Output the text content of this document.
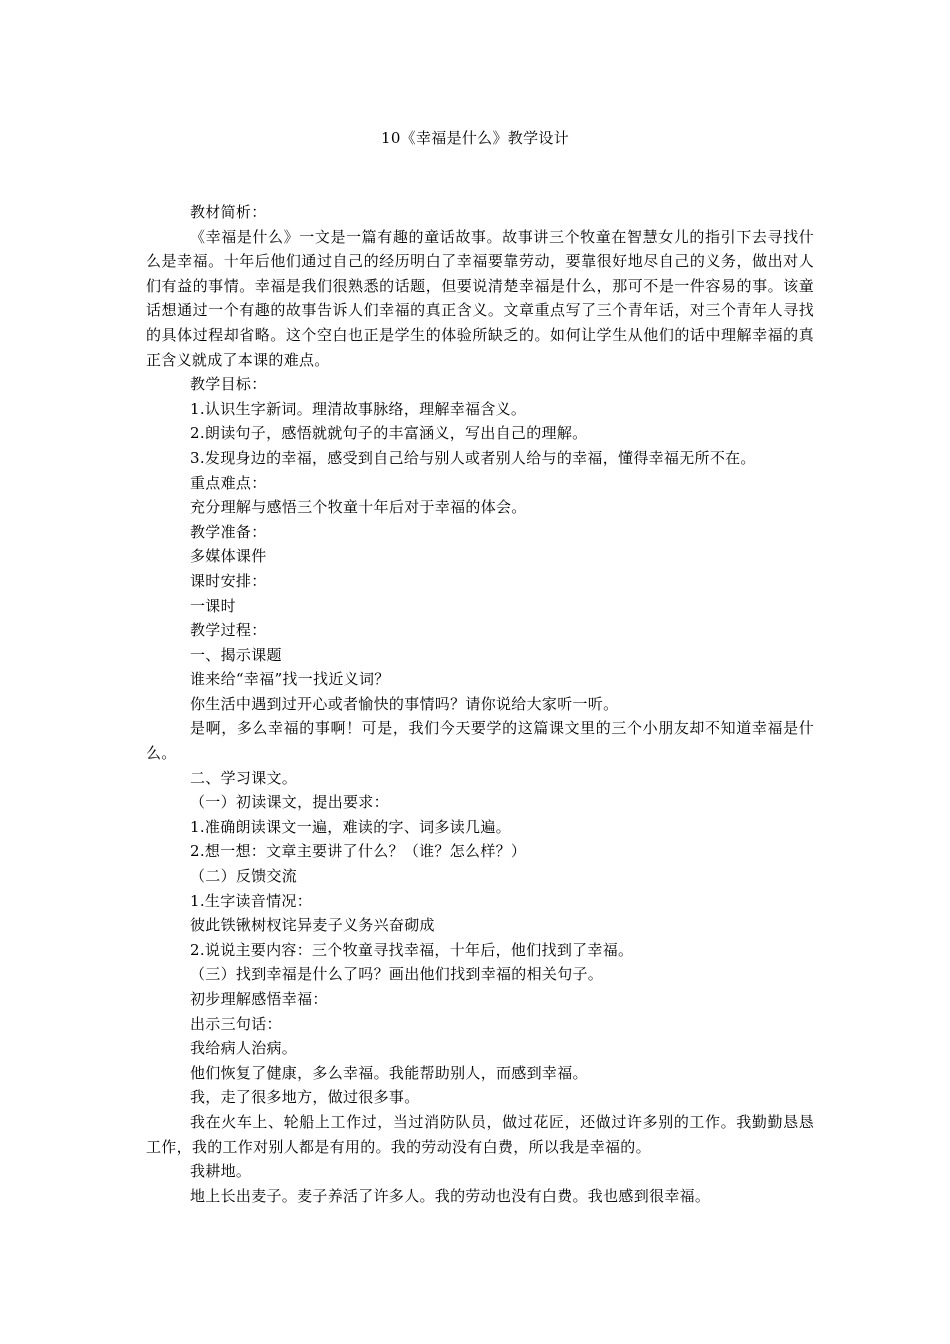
10《幸福是什么》教学设计

教材简析：

《幸福是什么》一文是一篇有趣的童话故事。故事讲三个牧童在智慧女儿的指引下去寻找什么是幸福。十年后他们通过自己的经历明白了幸福要靠劳动，要靠很好地尽自己的义务，做出对人们有益的事情。幸福是我们很熟悉的话题，但要说清楚幸福是什么，那可不是一件容易的事。该童话想通过一个有趣的故事告诉人们幸福的真正含义。文章重点写了三个青年话，对三个青年人寻找的具体过程却省略。这个空白也正是学生的体验所缺乏的。如何让学生从他们的话中理解幸福的真正含义就成了本课的难点。

教学目标：

1.认识生字新词。理清故事脉络，理解幸福含义。

2.朗读句子，感悟就就句子的丰富涵义，写出自己的理解。

3.发现身边的幸福，感受到自己给与别人或者别人给与的幸福，懂得幸福无所不在。

重点难点：

充分理解与感悟三个牧童十年后对于幸福的体会。

教学准备：

多媒体课件

课时安排：

一课时

教学过程：

一、揭示课题

谁来给“幸福”找一找近义词？

你生活中遇到过开心或者愉快的事情吗？请你说给大家听一听。

是啊，多么幸福的事啊！可是，我们今天要学的这篇课文里的三个小朋友却不知道幸福是什么。

二、学习课文。

（一）初读课文，提出要求：

1.准确朗读课文一遍，难读的字、词多读几遍。

2.想一想：文章主要讲了什么？（谁？怎么样？）

（二）反馈交流

1.生字读音情况：

彼此铁锹树杈诧异麦子义务兴奋砌成

2.说说主要内容：三个牧童寻找幸福，十年后，他们找到了幸福。

（三）找到幸福是什么了吗？画出他们找到幸福的相关句子。

初步理解感悟幸福：

出示三句话：

我给病人治病。

他们恢复了健康，多么幸福。我能帮助别人，而感到幸福。

我，走了很多地方，做过很多事。

我在火车上、轮船上工作过，当过消防队员，做过花匠，还做过许多别的工作。我勤勤恳恳工作，我的工作对别人都是有用的。我的劳动没有白费，所以我是幸福的。

我耕地。

地上长出麦子。麦子养活了许多人。我的劳动也没有白费。我也感到很幸福。
